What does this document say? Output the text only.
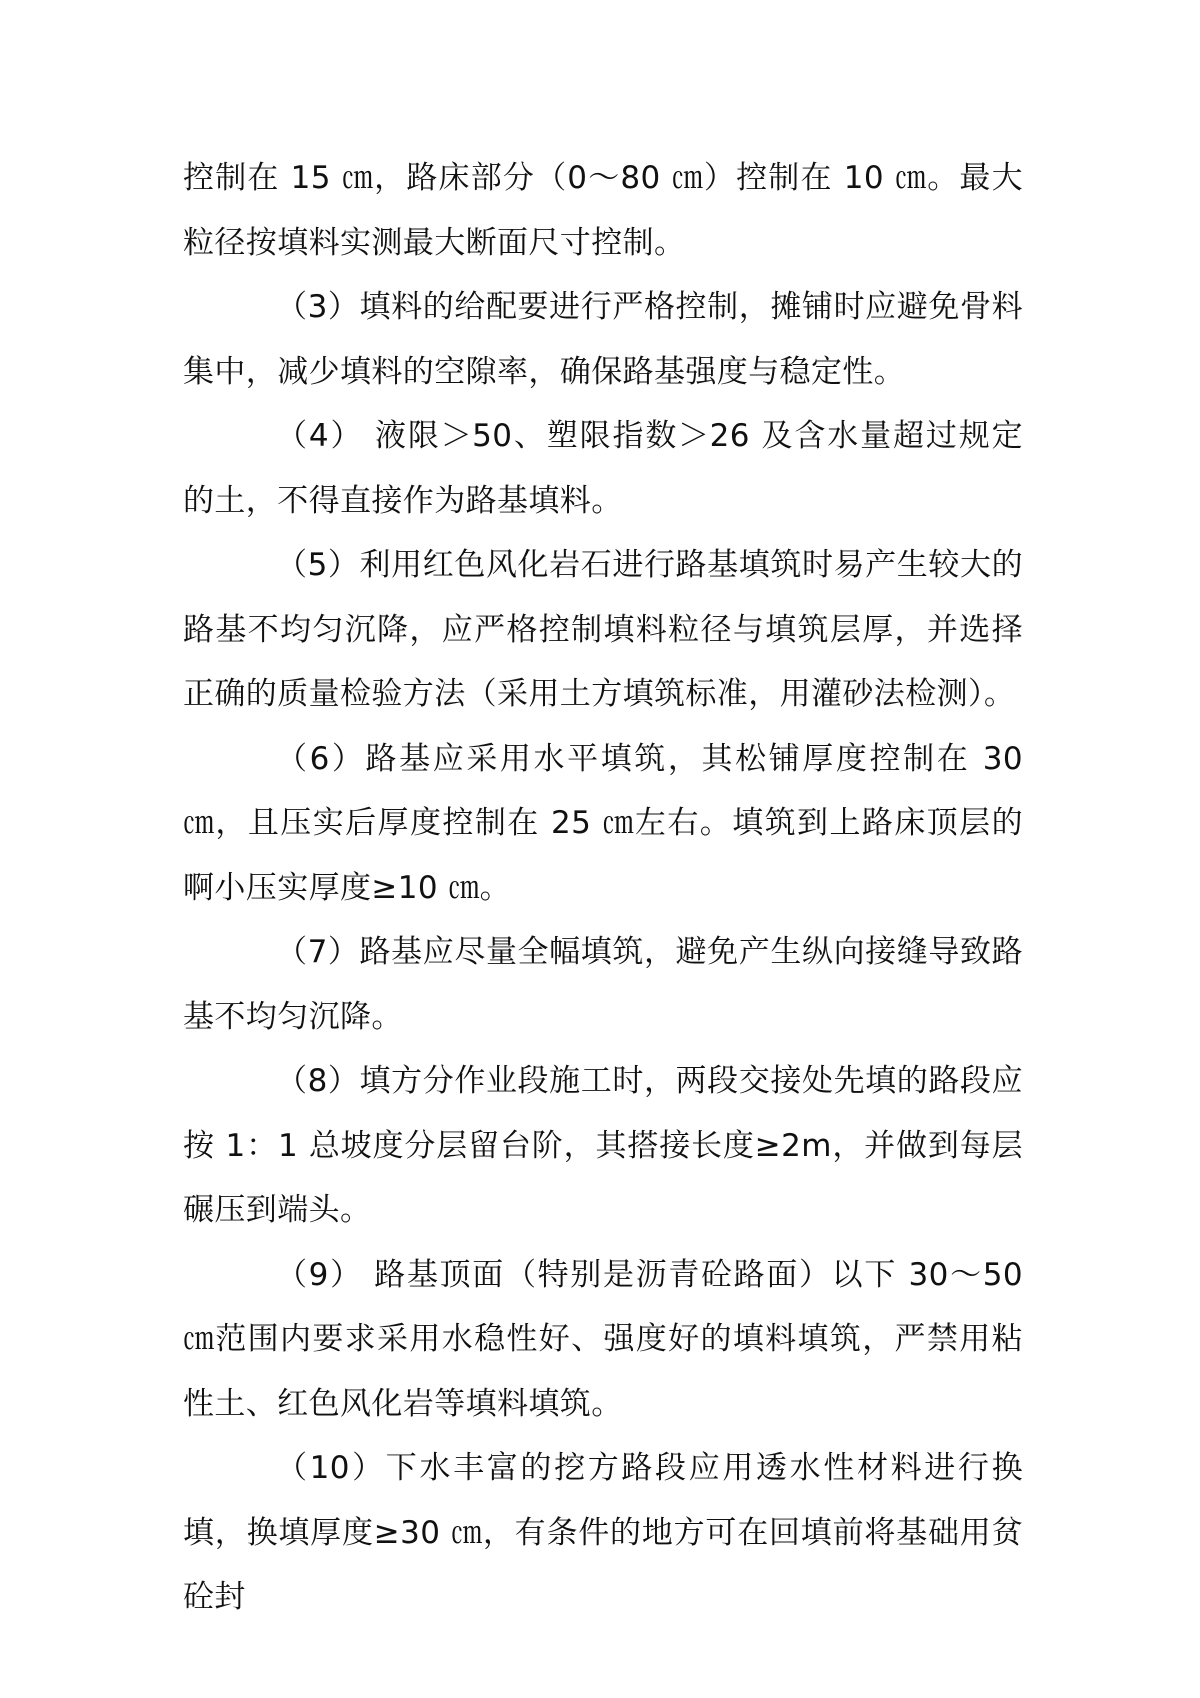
控制在 15 ㎝，路床部分（0～80 ㎝）控制在 10 ㎝。最大粒径按填料实测最大断面尺寸控制。

（3）填料的给配要进行严格控制，摊铺时应避免骨料集中，减少填料的空隙率，确保路基强度与稳定性。

（4） 液限＞50、塑限指数＞26 及含水量超过规定的土，不得直接作为路基填料。

（5）利用红色风化岩石进行路基填筑时易产生较大的路基不均匀沉降，应严格控制填料粒径与填筑层厚，并选择正确的质量检验方法（采用土方填筑标准，用灌砂法检测）。

（6）路基应采用水平填筑，其松铺厚度控制在 30 ㎝，且压实后厚度控制在 25 ㎝左右。填筑到上路床顶层的啊小压实厚度≥10 ㎝。

（7）路基应尽量全幅填筑，避免产生纵向接缝导致路基不均匀沉降。

（8）填方分作业段施工时，两段交接处先填的路段应按 1：1 总坡度分层留台阶，其搭接长度≥2m，并做到每层碾压到端头。

（9） 路基顶面（特别是沥青砼路面）以下 30～50 ㎝范围内要求采用水稳性好、强度好的填料填筑，严禁用粘性土、红色风化岩等填料填筑。

（10）下水丰富的挖方路段应用透水性材料进行换填，换填厚度≥30 ㎝，有条件的地方可在回填前将基础用贫砼封
